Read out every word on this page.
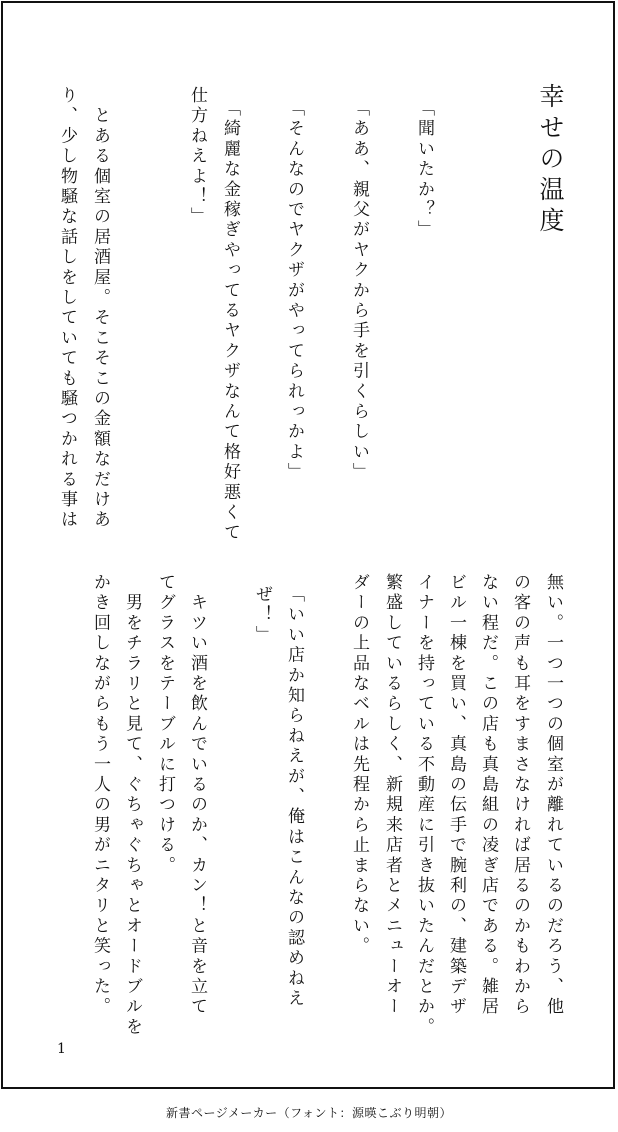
幸せの温度
「聞いたか？」
「ああ、親父がヤクから手を引くらしい」
「そんなのでヤクザがやってられっかよ」
「綺麗な金稼ぎやってるヤクザなんて格好悪くて
仕方ねえよ！」
　とある個室の居酒屋。そこそこの金額なだけあ
り、少し物騒な話しをしていても騒つかれる事は
無い。一つ一つの個室が離れているのだろう、他
の客の声も耳をすまさなければ居るのかもわから
ない程だ。この店も真島組の凌ぎ店である。雑居
ビル一棟を買い、真島の伝手で腕利の、建築デザ
イナーを持っている不動産に引き抜いたんだとか。
繁盛しているらしく、新規来店者とメニューオー
ダーの上品なベルは先程から止まらない。
「いい店か知らねえが、俺はこんなの認めねえ
ぜ！」
　キツい酒を飲んでいるのか、カン！と音を立て
てグラスをテーブルに打つける。
　男をチラリと見て、ぐちゃぐちゃとオードブルを
かき回しながらもう一人の男がニタリと笑った。
1
新書ページメーカー（フォント：源暎こぶり明朝）
